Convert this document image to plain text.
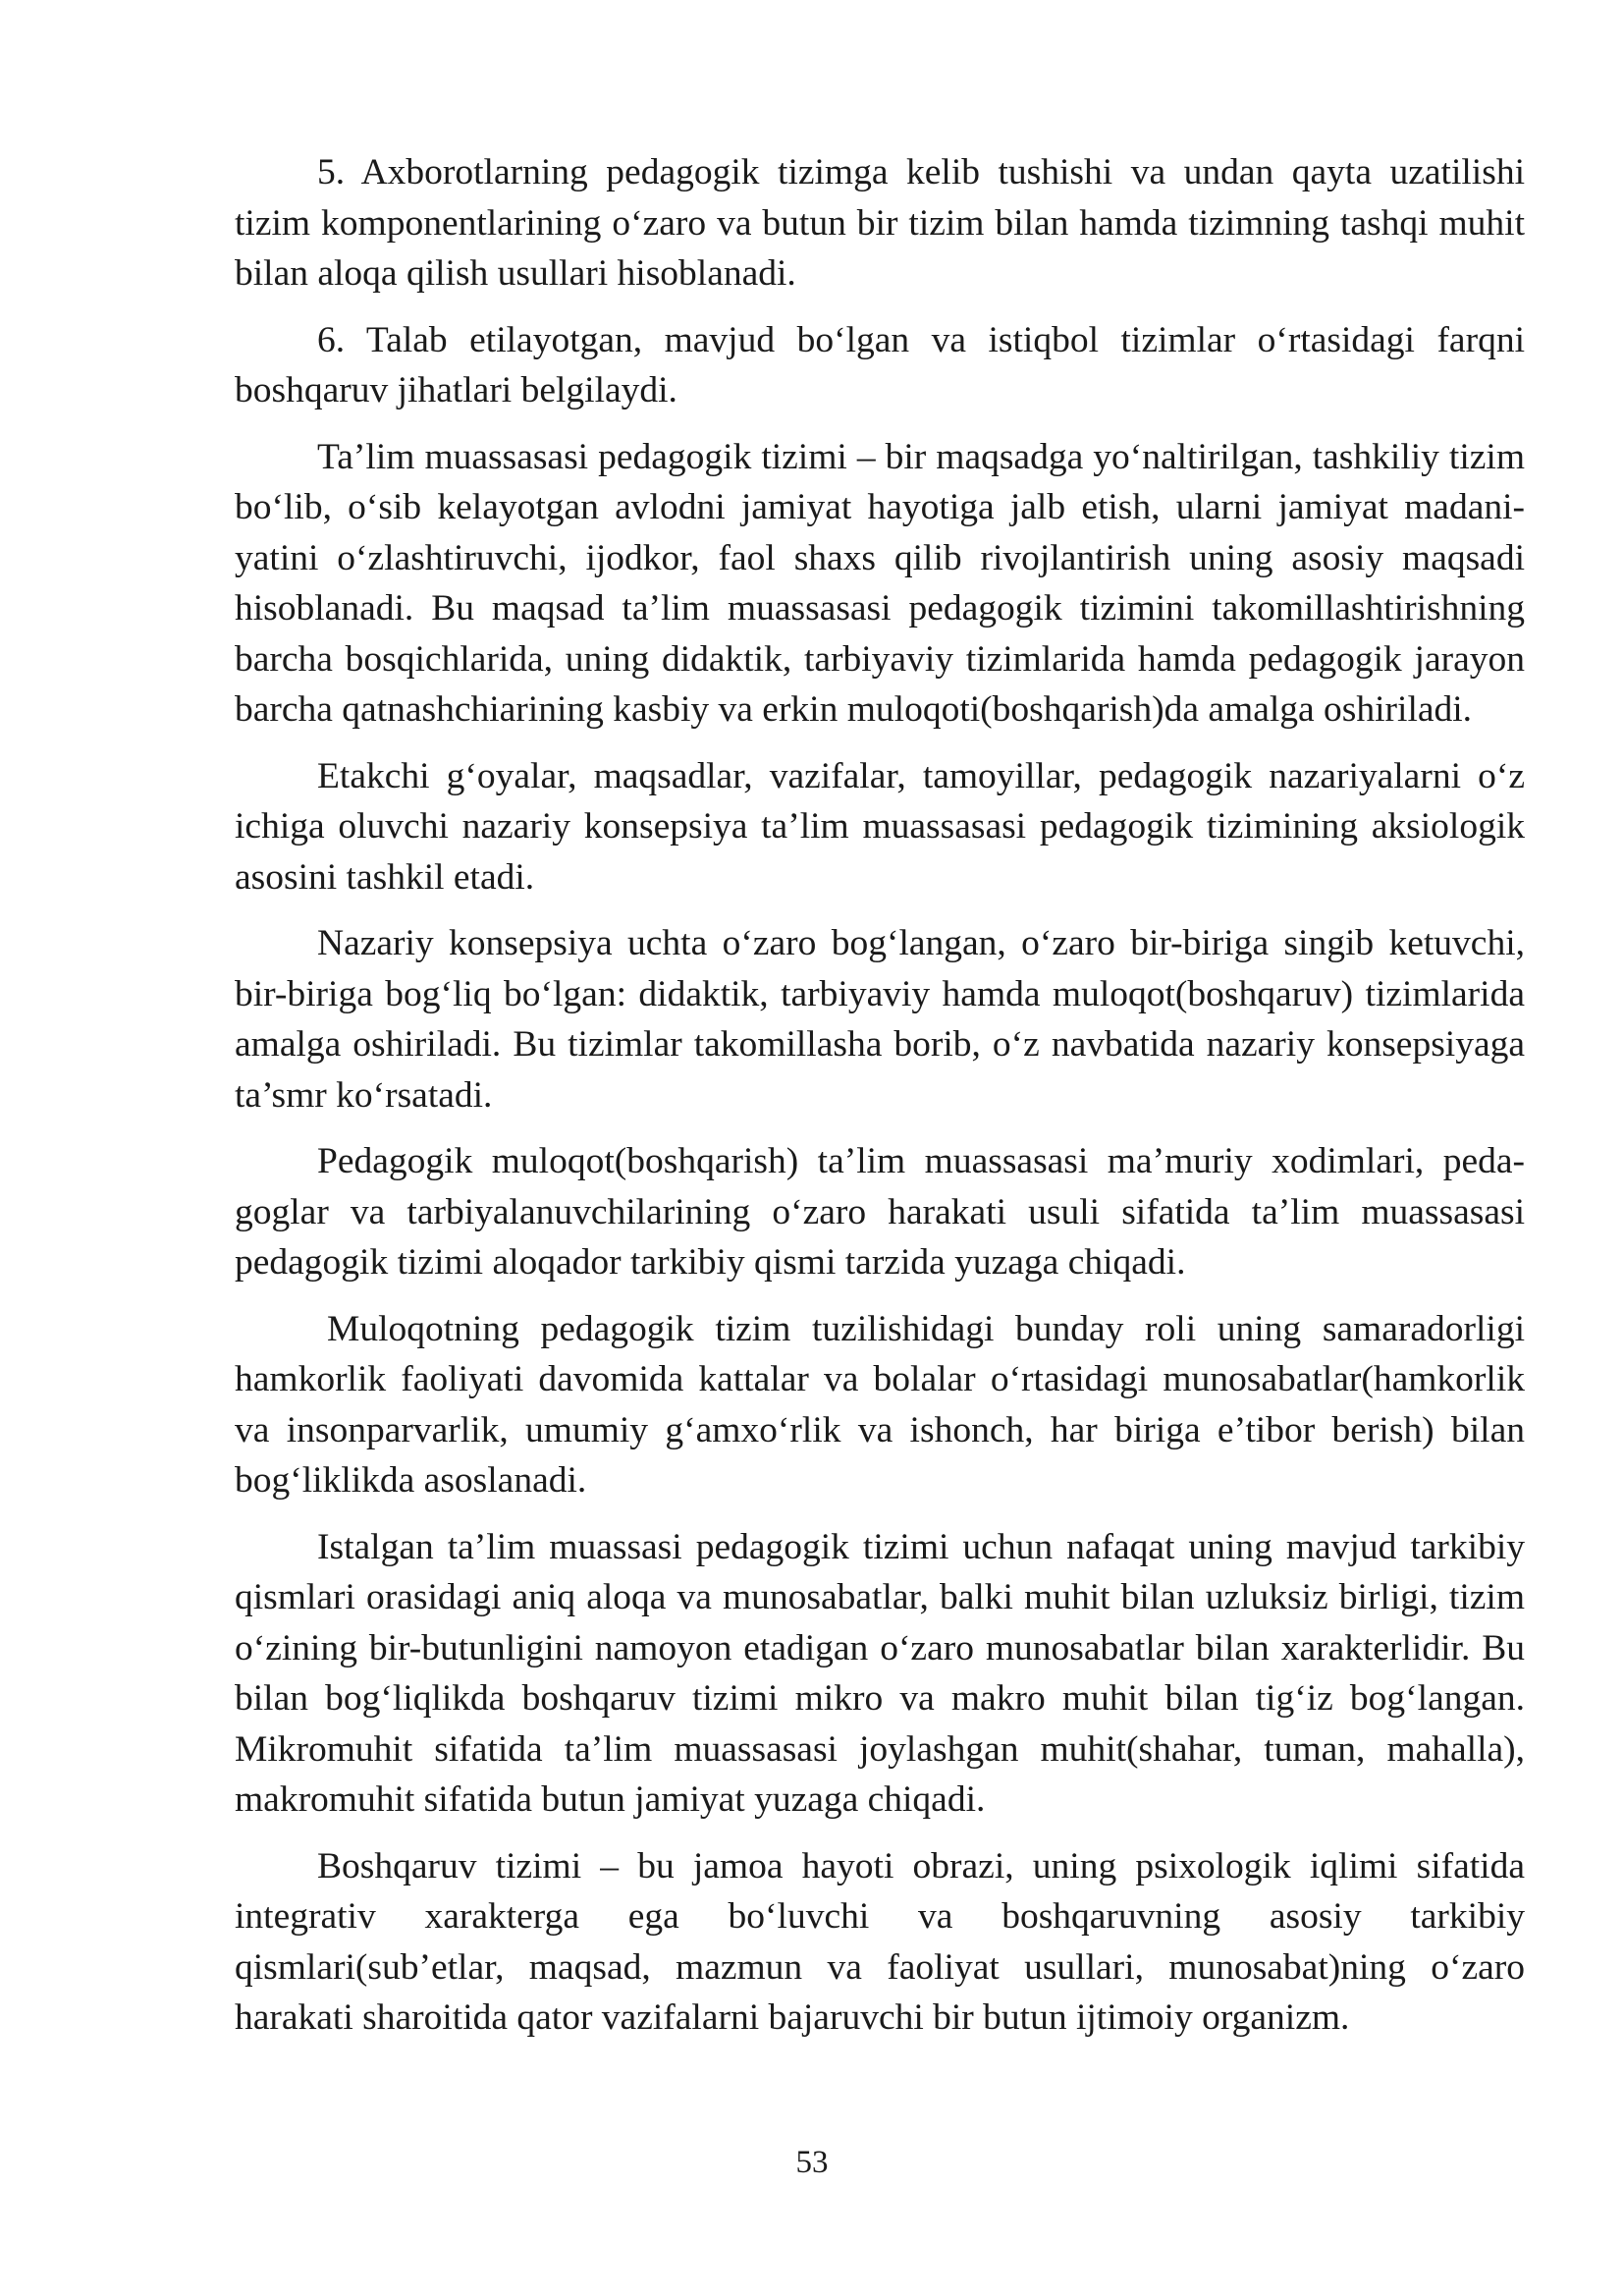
5. Axborotlarning pedagogik tizimga kelib tushishi va undan qayta uzatilishi tizim komponentlarining o‘zaro va butun bir tizim bilan hamda tizimning tashqi muhit bilan aloqa qilish usullari hisoblanadi.

6. Talab etilayotgan, mavjud bo‘lgan va istiqbol tizimlar o‘rtasidagi farqni boshqaruv jihatlari belgilaydi.

Ta’lim muassasasi pedagogik tizimi – bir maqsadga yo‘naltirilgan, tashkiliy tizim bo‘lib, o‘sib kelayotgan avlodni jamiyat hayotiga jalb etish, ularni jamiyat madani-yatini o‘zlashtiruvchi, ijodkor, faol shaxs qilib rivojlantirish uning asosiy maqsadi hisoblanadi. Bu maqsad ta’lim muassasasi pedagogik tizimini takomillashtirishning barcha bosqichlarida, uning didaktik, tarbiyaviy tizimlarida hamda pedagogik jarayon barcha qatnashchiarining kasbiy va erkin muloqoti(boshqarish)da amalga oshiriladi.

Etakchi g‘oyalar, maqsadlar, vazifalar, tamoyillar, pedagogik nazariyalarni o‘z ichiga oluvchi nazariy konsepsiya ta’lim muassasasi pedagogik tizimining aksiologik asosini tashkil etadi.

Nazariy konsepsiya uchta o‘zaro bog‘langan, o‘zaro bir-biriga singib ketuvchi, bir-biriga bog‘liq bo‘lgan: didaktik, tarbiyaviy hamda muloqot(boshqaruv) tizimlarida amalga oshiriladi. Bu tizimlar takomillasha borib, o‘z navbatida nazariy konsepsiyaga ta’smr ko‘rsatadi.

Pedagogik muloqot(boshqarish) ta’lim muassasasi ma’muriy xodimlari, peda-goglar va tarbiyalanuvchilarining o‘zaro harakati usuli sifatida ta’lim muassasasi pedagogik tizimi aloqador tarkibiy qismi tarzida yuzaga chiqadi.

Muloqotning pedagogik tizim tuzilishidagi bunday roli uning samaradorligi hamkorlik faoliyati davomida kattalar va bolalar o‘rtasidagi munosabatlar(hamkorlik va insonparvarlik, umumiy g‘amxo‘rlik va ishonch, har biriga e’tibor berish) bilan bog‘liklikda asoslanadi.

Istalgan ta’lim muassasi pedagogik tizimi uchun nafaqat uning mavjud tarkibiy qismlari orasidagi aniq aloqa va munosabatlar, balki muhit bilan uzluksiz birligi, tizim o‘zining bir-butunligini namoyon etadigan o‘zaro munosabatlar bilan xarakterlidir. Bu bilan bog‘liqlikda boshqaruv tizimi mikro va makro muhit bilan tig‘iz bog‘langan. Mikromuhit sifatida ta’lim muassasasi joylashgan muhit(shahar, tuman, mahalla), makromuhit sifatida butun jamiyat yuzaga chiqadi.

Boshqaruv tizimi – bu jamoa hayoti obrazi, uning psixologik iqlimi sifatida integrativ xarakterga ega bo‘luvchi va boshqaruvning asosiy tarkibiy qismlari(sub’etlar, maqsad, mazmun va faoliyat usullari, munosabat)ning o‘zaro harakati sharoitida qator vazifalarni bajaruvchi bir butun ijtimoiy organizm.

53
